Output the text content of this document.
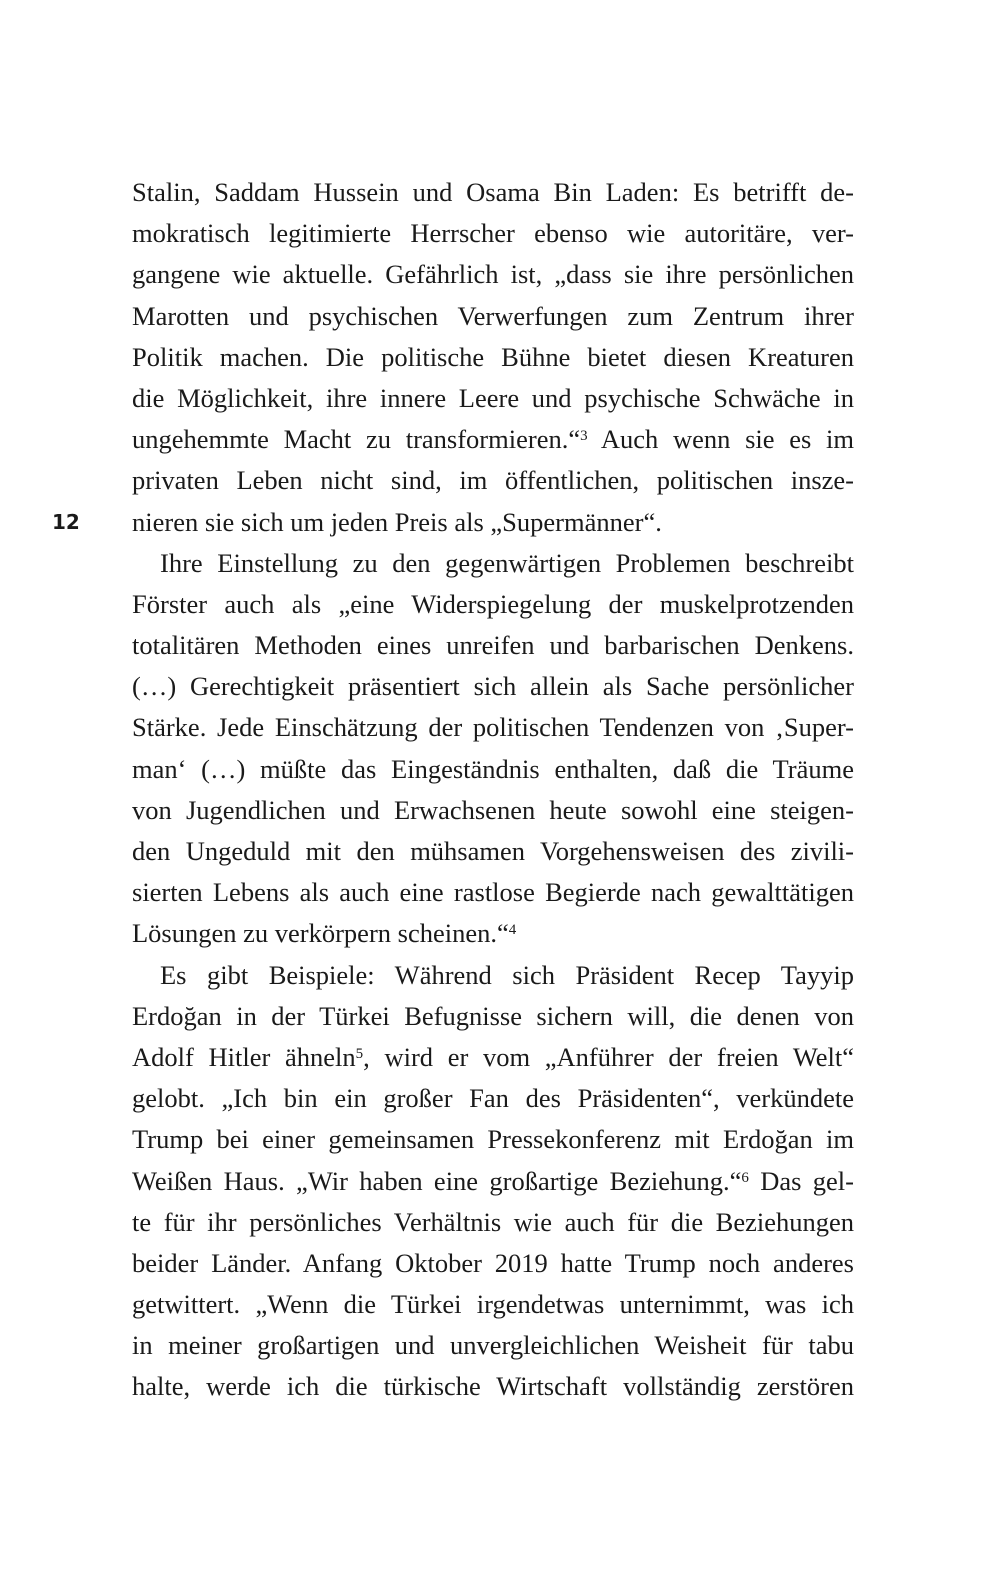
12
Stalin, Saddam Hussein und Osama Bin Laden: Es betrifft de-
mokratisch legitimierte Herrscher ebenso wie autoritäre, ver-
gangene wie aktuelle. Gefährlich ist, „dass sie ihre persönlichen
Marotten und psychischen Verwerfungen zum Zentrum ihrer
Politik machen. Die politische Bühne bietet diesen Kreaturen
die Möglichkeit, ihre innere Leere und psychische Schwäche in
ungehemmte Macht zu transformieren.“$^3$ Auch wenn sie es im
privaten Leben nicht sind, im öffentlichen, politischen insze-
nieren sie sich um jeden Preis als „Supermänner“.
Ihre Einstellung zu den gegenwärtigen Problemen beschreibt
Förster auch als „eine Widerspiegelung der muskelprotzenden
totalitären Methoden eines unreifen und barbarischen Denkens.
(…) Gerechtigkeit präsentiert sich allein als Sache persönlicher
Stärke. Jede Einschätzung der politischen Tendenzen von ‚Super-
man‘ (…) müßte das Eingeständnis enthalten, daß die Träume
von Jugendlichen und Erwachsenen heute sowohl eine steigen-
den Ungeduld mit den mühsamen Vorgehensweisen des zivili-
sierten Lebens als auch eine rastlose Begierde nach gewalttätigen
Lösungen zu verkörpern scheinen.“$^4$
Es gibt Beispiele: Während sich Präsident Recep Tayyip
Erdoğan in der Türkei Befugnisse sichern will, die denen von
Adolf Hitler ähneln$^5$, wird er vom „Anführer der freien Welt“
gelobt. „Ich bin ein großer Fan des Präsidenten“, verkündete
Trump bei einer gemeinsamen Pressekonferenz mit Erdoğan im
Weißen Haus. „Wir haben eine großartige Beziehung.“$^6$ Das gel-
te für ihr persönliches Verhältnis wie auch für die Beziehungen
beider Länder. Anfang Oktober 2019 hatte Trump noch anderes
getwittert. „Wenn die Türkei irgendetwas unternimmt, was ich
in meiner großartigen und unvergleichlichen Weisheit für tabu
halte, werde ich die türkische Wirtschaft vollständig zerstören
